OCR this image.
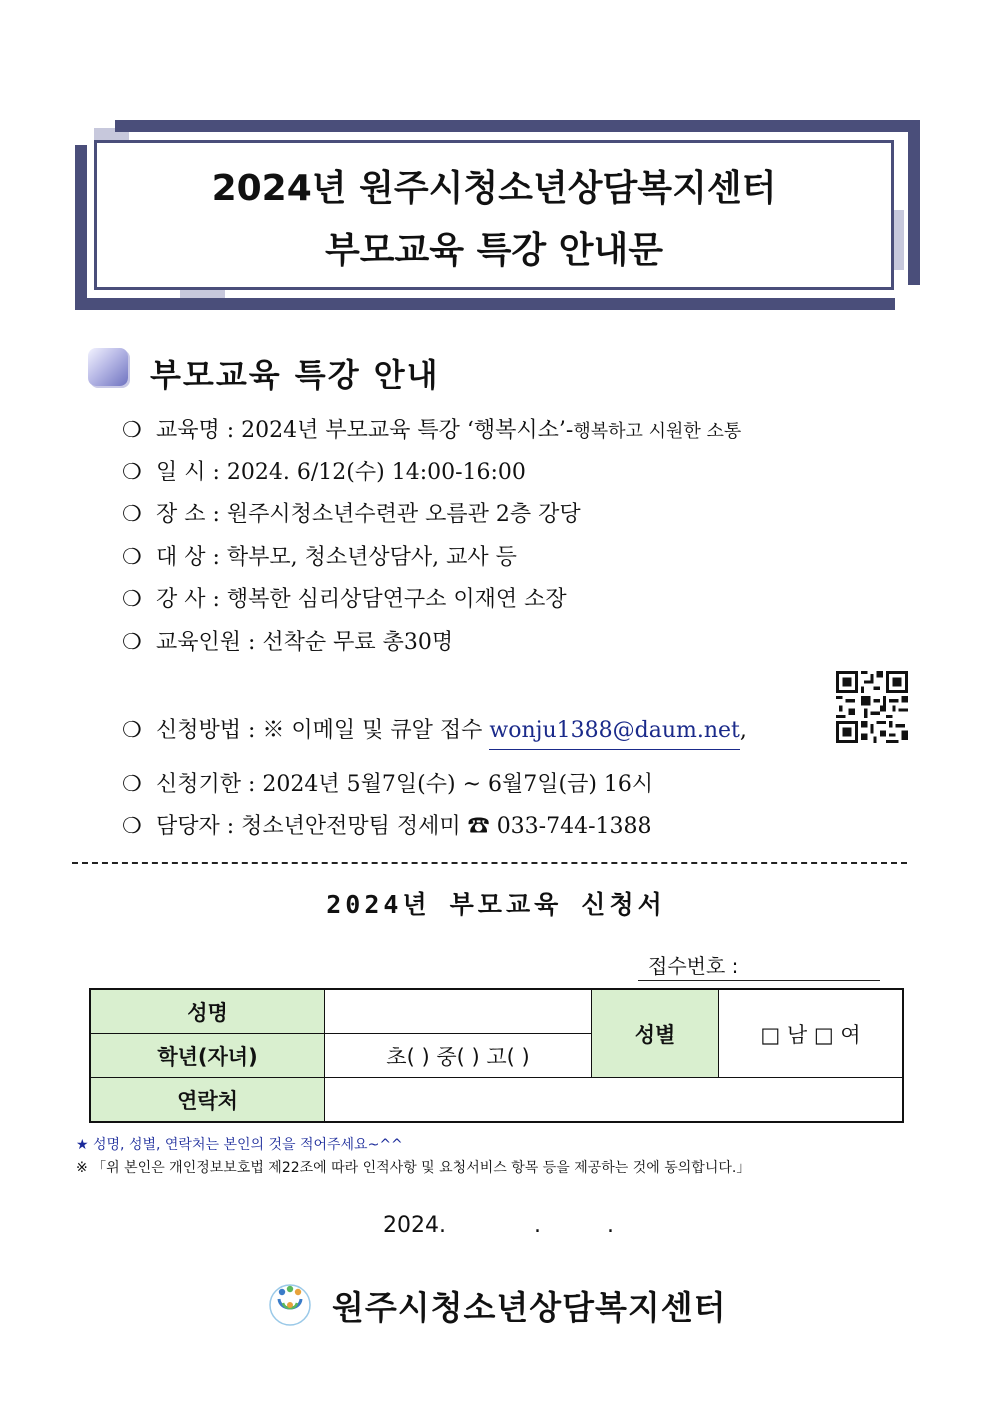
2024년 원주시청소년상담복지센터
부모교육 특강 안내문
부모교육 특강 안내
❍ 교육명 : 2024년 부모교육 특강 ‘행복시소’-행복하고 시원한 소통
❍ 일 시 : 2024. 6/12(수) 14:00-16:00
❍ 장 소 : 원주시청소년수련관 오름관 2층 강당
❍ 대 상 : 학부모, 청소년상담사, 교사 등
❍ 강 사 : 행복한 심리상담연구소 이재연 소장
❍ 교육인원 : 선착순 무료 총30명
❍ 신청방법 : ※ 이메일 및 큐알 접수 wonju1388@daum.net,
❍ 신청기한 : 2024년 5월7일(수) ~ 6월7일(금) 16시
❍ 담당자 : 청소년안전망팀 정세미 ☎ 033-744-1388
2024년 부모교육 신청서
접수번호 :
성명		성별	□ 남 □ 여
학년(자녀)	초( ) 중( ) 고( )		
연락처			
★ 성명, 성별, 연락처는 본인의 것을 적어주세요~^^
※ 「위 본인은 개인정보보호법 제22조에 따라 인적사항 및 요청서비스 항목 등을 제공하는 것에 동의합니다.」
2024.	.	.
원주시청소년상담복지센터
